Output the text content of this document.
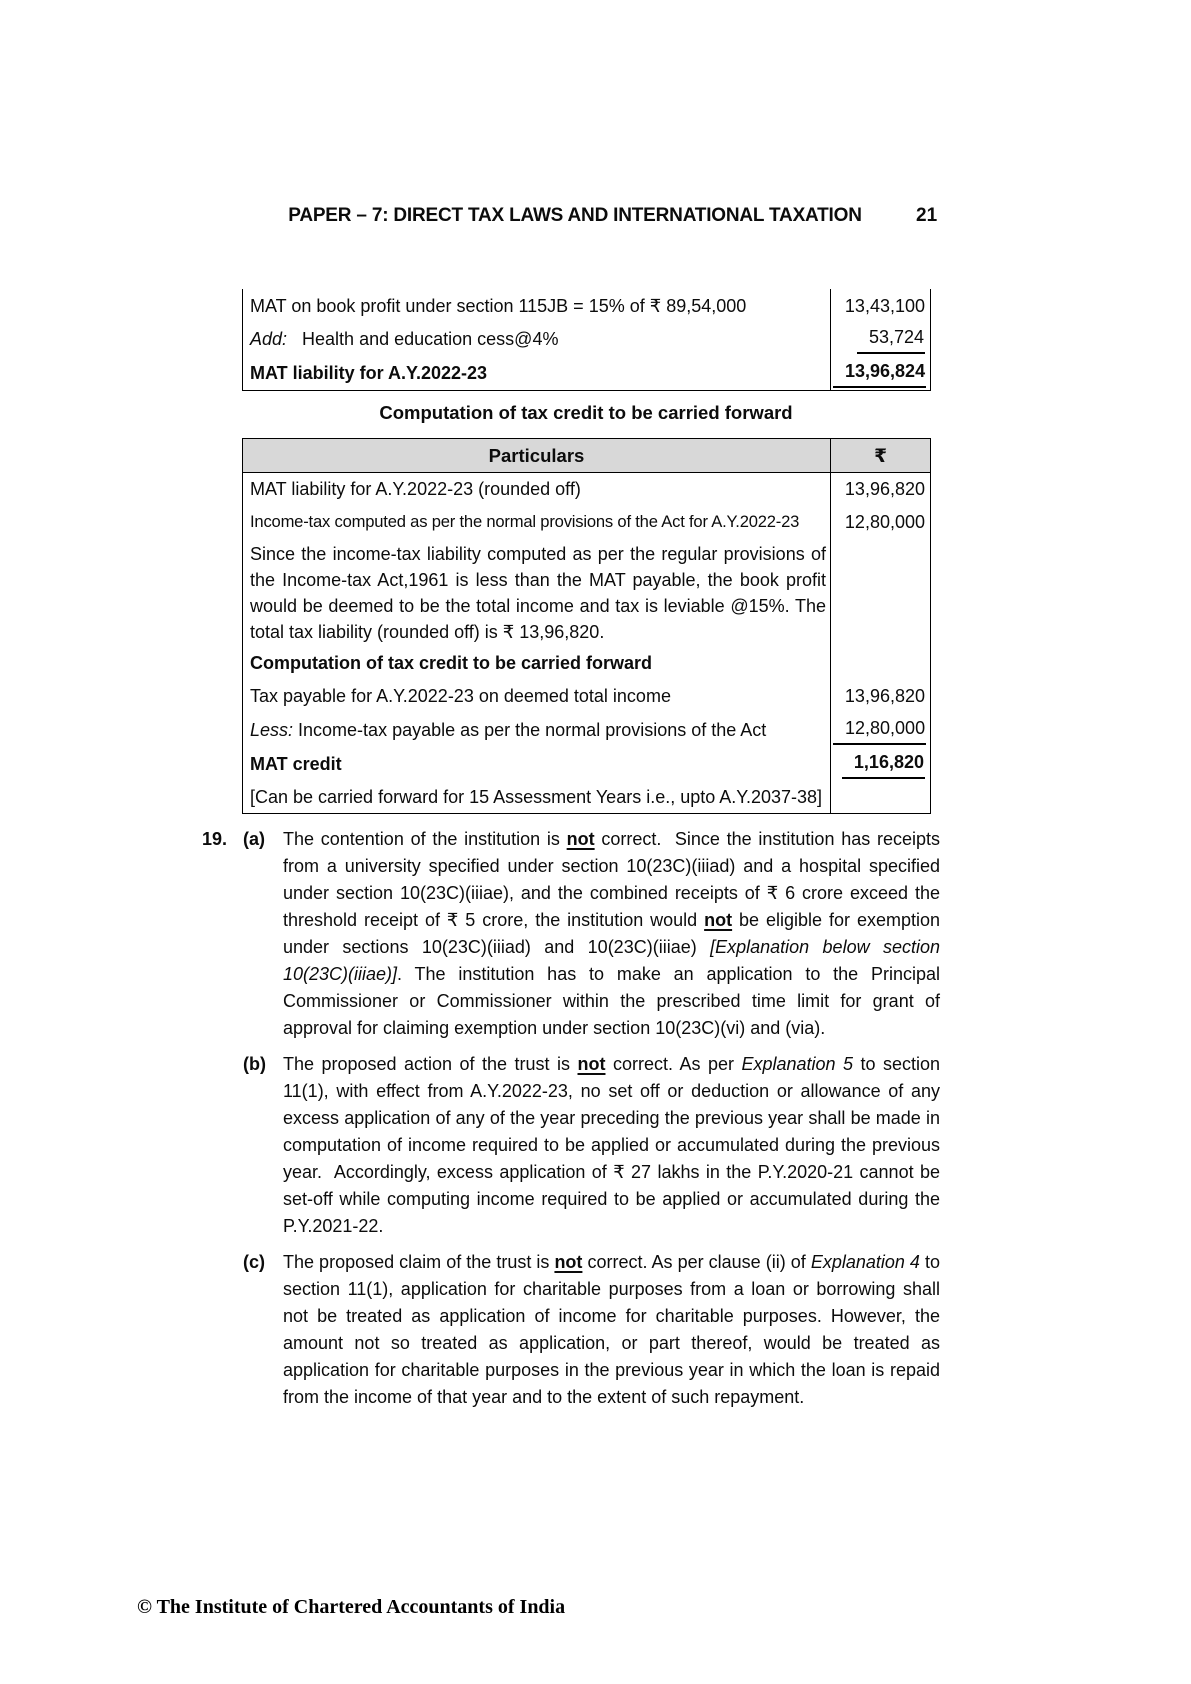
PAPER – 7: DIRECT TAX LAWS AND INTERNATIONAL TAXATION	21
MAT on book profit under section 115JB = 15% of ₹ 89,54,000	13,43,100
Add:   Health and education cess@4%	53,724
MAT liability for A.Y.2022-23	13,96,824
Computation of tax credit to be carried forward
Particulars	₹
MAT liability for A.Y.2022-23 (rounded off)	13,96,820
Income-tax computed as per the normal provisions of the Act for A.Y.2022-23	12,80,000
Since the income-tax liability computed as per the regular provisions of the Income-tax Act,1961 is less than the MAT payable, the book profit would be deemed to be the total income and tax is leviable @15%. The total tax liability (rounded off) is ₹ 13,96,820.	
Computation of tax credit to be carried forward	
Tax payable for A.Y.2022-23 on deemed total income	13,96,820
Less: Income-tax payable as per the normal provisions of the Act	12,80,000
MAT credit	1,16,820
[Can be carried forward for 15 Assessment Years i.e., upto A.Y.2037-38]	
19. (a)	The contention of the institution is not correct.  Since the institution has receipts from a university specified under section 10(23C)(iiiad) and a hospital specified under section 10(23C)(iiiae), and the combined receipts of ₹ 6 crore exceed the threshold receipt of ₹ 5 crore, the institution would not be eligible for exemption under sections 10(23C)(iiiad) and 10(23C)(iiiae) [Explanation below section 10(23C)(iiiae)]. The institution has to make an application to the Principal Commissioner or Commissioner within the prescribed time limit for grant of approval for claiming exemption under section 10(23C)(vi) and (via).
(b) The proposed action of the trust is not correct. As per Explanation 5 to section 11(1), with effect from A.Y.2022-23, no set off or deduction or allowance of any excess application of any of the year preceding the previous year shall be made in computation of income required to be applied or accumulated during the previous year.  Accordingly, excess application of ₹ 27 lakhs in the P.Y.2020-21 cannot be set-off while computing income required to be applied or accumulated during the P.Y.2021-22.
(c)	The proposed claim of the trust is not correct. As per clause (ii) of Explanation 4 to section 11(1), application for charitable purposes from a loan or borrowing shall not be treated as application of income for charitable purposes. However, the amount not so treated as application, or part thereof, would be treated as application for charitable purposes in the previous year in which the loan is repaid from the income of that year and to the extent of such repayment.
© The Institute of Chartered Accountants of India
